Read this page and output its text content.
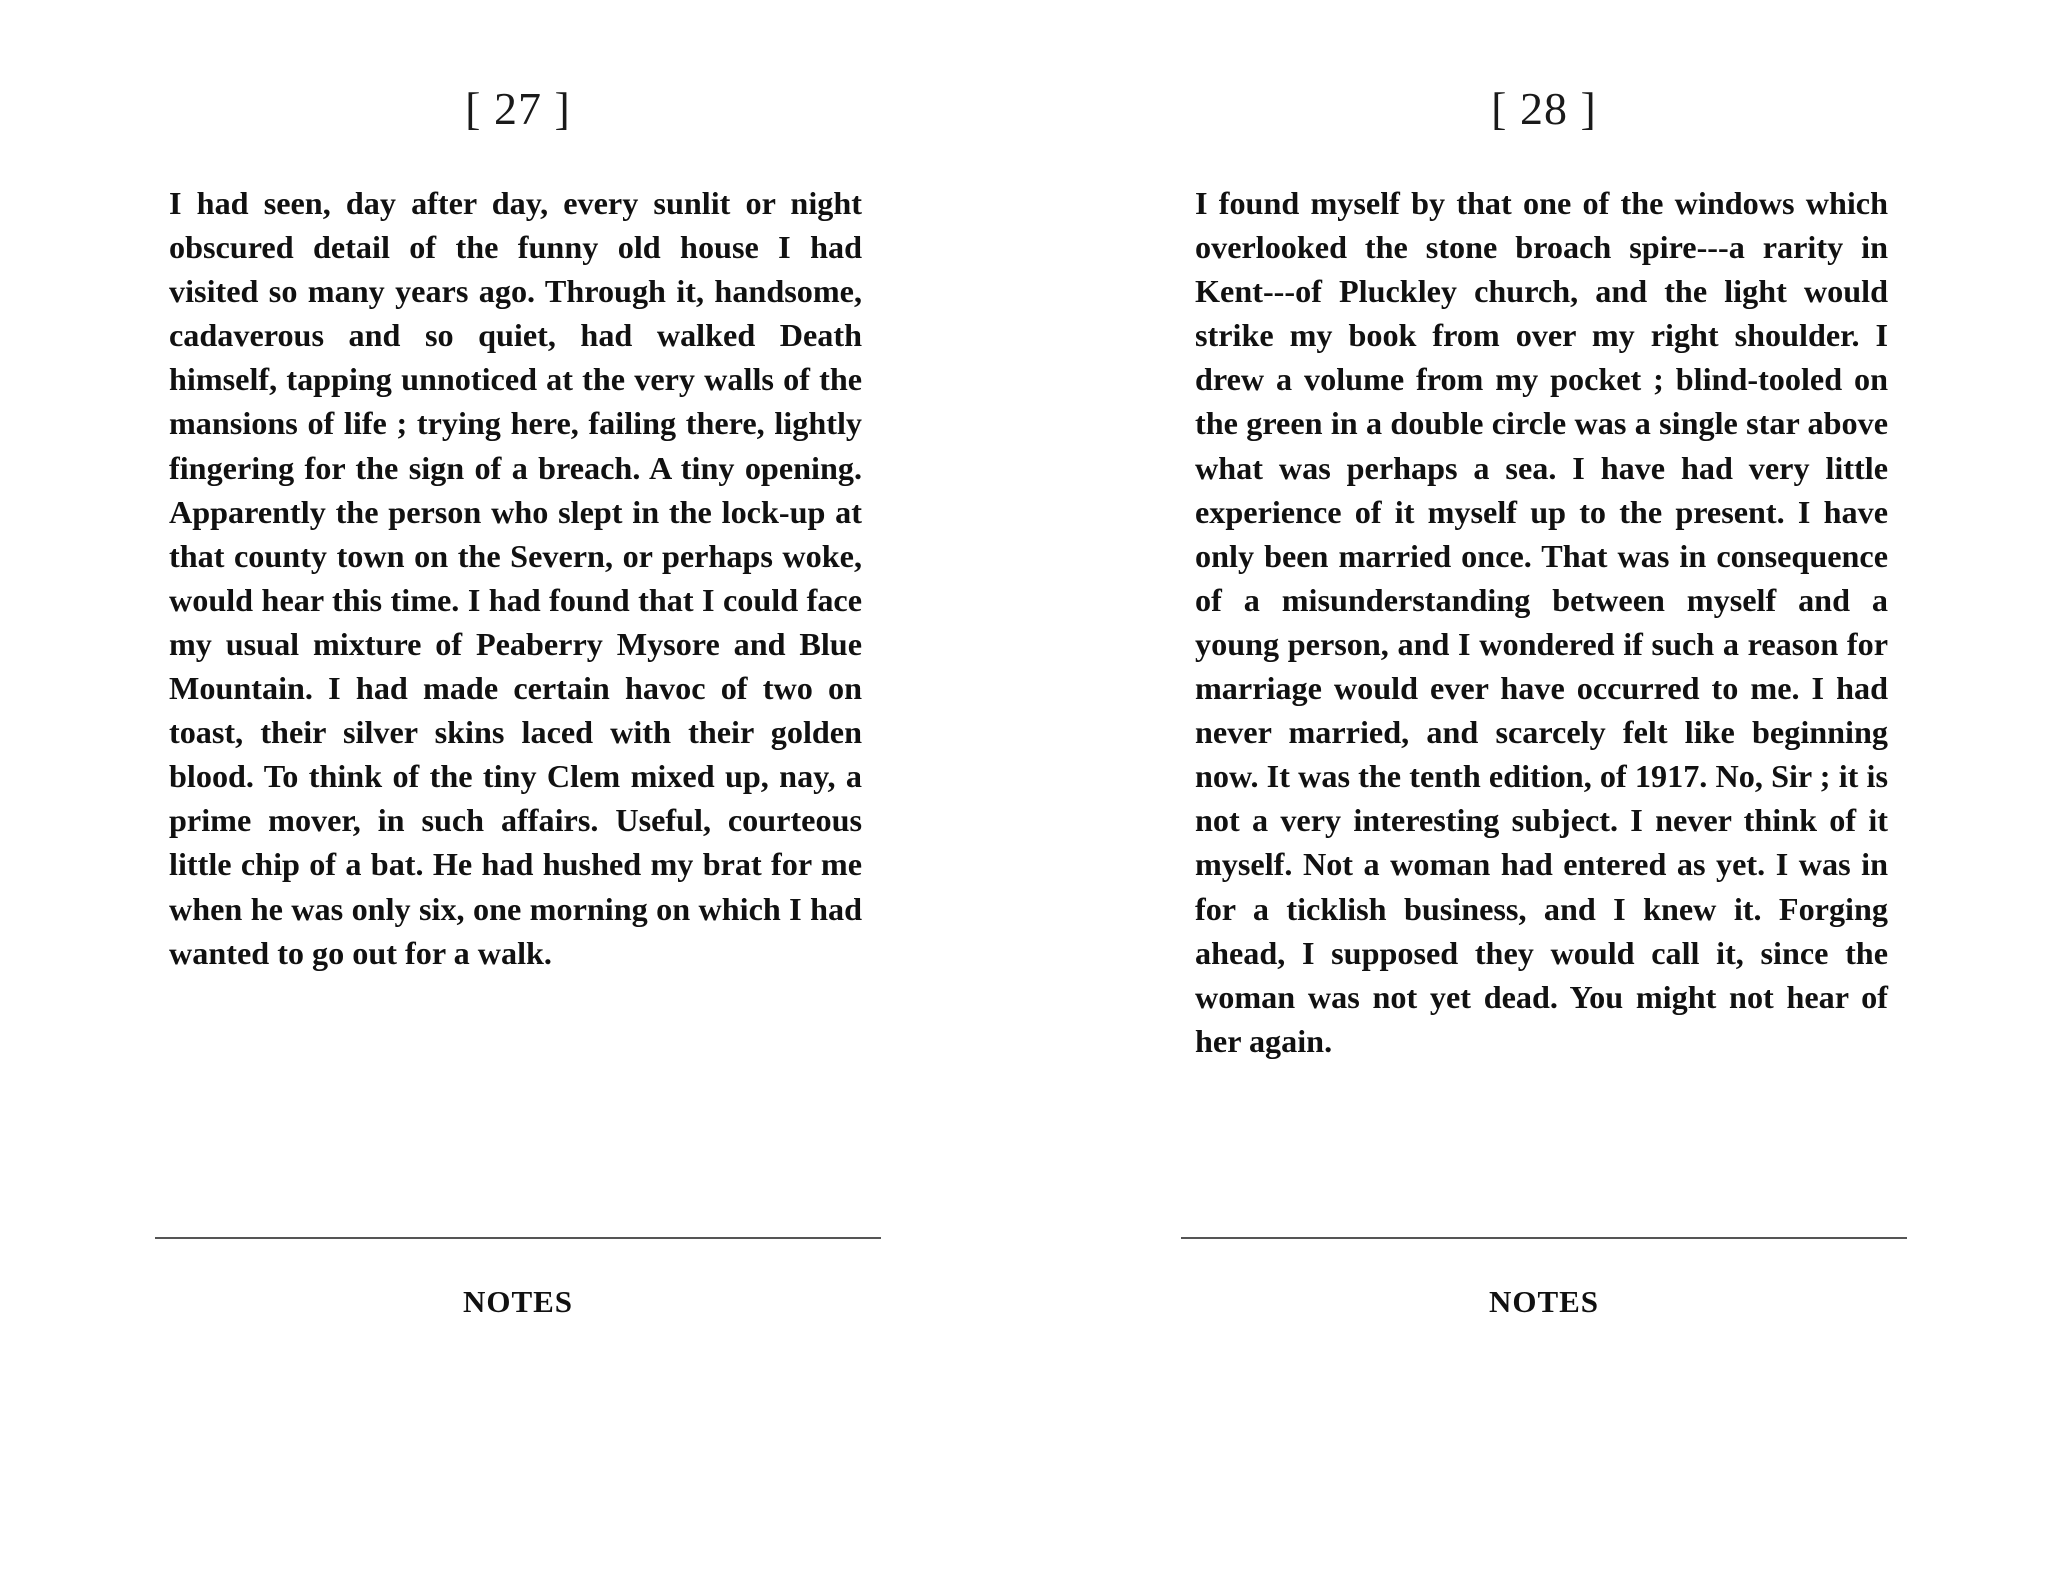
[ 27 ]

I had seen, day after day, every sunlit or night obscured detail of the funny old house I had visited so many years ago. Through it, handsome, cadaverous and so quiet, had walked Death himself, tapping unnoticed at the very walls of the mansions of life ; trying here, failing there, lightly fingering for the sign of a breach. A tiny opening. Apparently the person who slept in the lock-up at that county town on the Severn, or perhaps woke, would hear this time. I had found that I could face my usual mixture of Peaberry Mysore and Blue Mountain. I had made certain havoc of two on toast, their silver skins laced with their golden blood. To think of the tiny Clem mixed up, nay, a prime mover, in such affairs. Useful, courteous little chip of a bat. He had hushed my brat for me when he was only six, one morning on which I had wanted to go out for a walk.

NOTES
[ 28 ]

I found myself by that one of the windows which overlooked the stone broach spire---a rarity in Kent---of Pluckley church, and the light would strike my book from over my right shoulder. I drew a volume from my pocket ; blind-tooled on the green in a double circle was a single star above what was perhaps a sea. I have had very little experience of it myself up to the present. I have only been married once. That was in consequence of a misunderstanding between myself and a young person, and I wondered if such a reason for marriage would ever have occurred to me. I had never married, and scarcely felt like beginning now. It was the tenth edition, of 1917. No, Sir ; it is not a very interesting subject. I never think of it myself. Not a woman had entered as yet. I was in for a ticklish business, and I knew it. Forging ahead, I supposed they would call it, since the woman was not yet dead. You might not hear of her again.

NOTES
